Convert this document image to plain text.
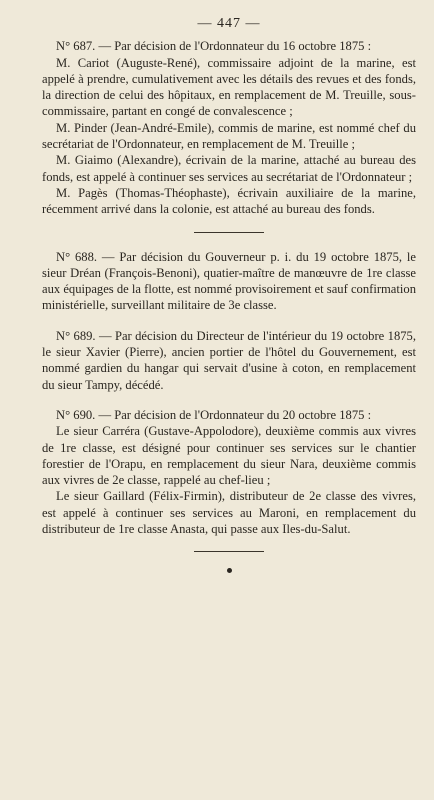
— 447 —

N° 687. — Par décision de l'Ordonnateur du 16 octobre 1875 :

M. Cariot (Auguste-René), commissaire adjoint de la marine, est appelé à prendre, cumulativement avec les détails des revues et des fonds, la direction de celui des hôpitaux, en remplacement de M. Treuille, sous-commissaire, partant en congé de convalescence ;

M. Pinder (Jean-André-Emile), commis de marine, est nommé chef du secrétariat de l'Ordonnateur, en remplacement de M. Treuille ;

M. Giaimo (Alexandre), écrivain de la marine, attaché au bureau des fonds, est appelé à continuer ses services au secrétariat de l'Ordonnateur ;

M. Pagès (Thomas-Théophaste), écrivain auxiliaire de la marine, récemment arrivé dans la colonie, est attaché au bureau des fonds.

N° 688. — Par décision du Gouverneur p. i. du 19 octobre 1875, le sieur Dréan (François-Benoni), quatier-maître de manœuvre de 1re classe aux équipages de la flotte, est nommé provisoirement et sauf confirmation ministérielle, surveillant militaire de 3e classe.

N° 689. — Par décision du Directeur de l'intérieur du 19 octobre 1875, le sieur Xavier (Pierre), ancien portier de l'hôtel du Gouvernement, est nommé gardien du hangar qui servait d'usine à coton, en remplacement du sieur Tampy, décédé.

N° 690. — Par décision de l'Ordonnateur du 20 octobre 1875 :

Le sieur Carréra (Gustave-Appolodore), deuxième commis aux vivres de 1re classe, est désigné pour continuer ses services sur le chantier forestier de l'Orapu, en remplacement du sieur Nara, deuxième commis aux vivres de 2e classe, rappelé au chef-lieu ;

Le sieur Gaillard (Félix-Firmin), distributeur de 2e classe des vivres, est appelé à continuer ses services au Maroni, en remplacement du distributeur de 1re classe Anasta, qui passe aux Iles-du-Salut.
